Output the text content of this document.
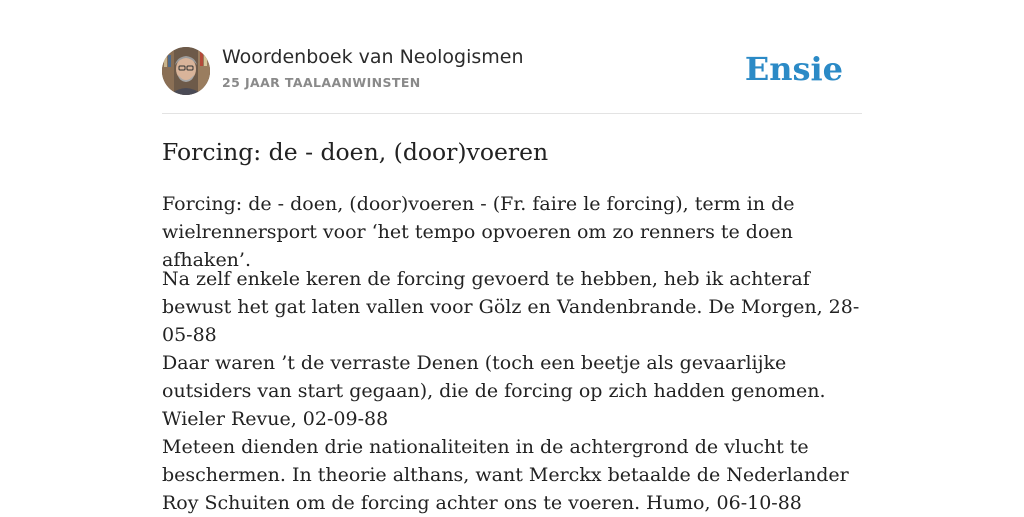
Woordenboek van Neologismen
25 JAAR TAALAANWINSTEN	Ensie
Forcing: de - doen, (door)voeren

Forcing: de - doen, (door)voeren - (Fr. faire le forcing), term in de wielrennersport voor ‘het tempo opvoeren om zo renners te doen afhaken’.

Na zelf enkele keren de forcing gevoerd te hebben, heb ik achteraf bewust het gat laten vallen voor Gölz en Vandenbrande. De Morgen, 28-05-88

Daar waren ’t de verraste Denen (toch een beetje als gevaarlijke outsiders van start gegaan), die de forcing op zich hadden genomen. Wieler Revue, 02-09-88

Meteen dienden drie nationaliteiten in de achtergrond de vlucht te beschermen. In theorie althans, want Merckx betaalde de Nederlander Roy Schuiten om de forcing achter ons te voeren. Humo, 06-10-88
